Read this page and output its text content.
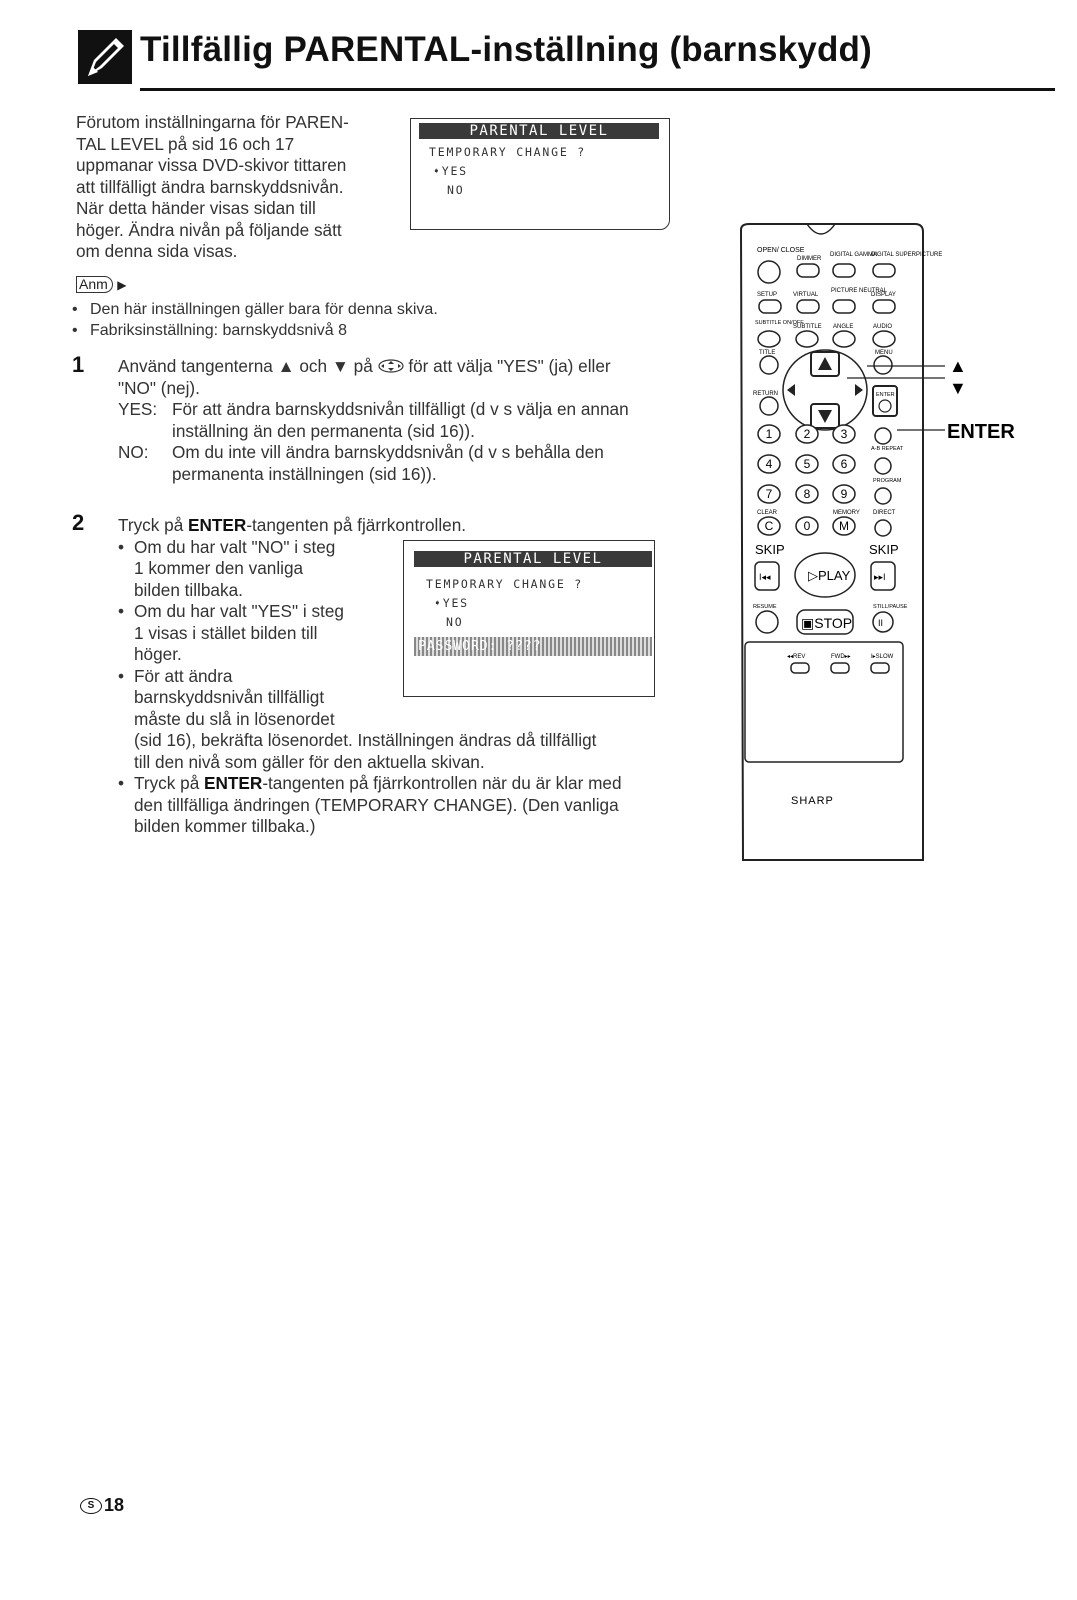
Tillfällig PARENTAL-inställning (barnskydd)

Förutom inställningarna för PAREN-

TAL LEVEL på sid 16 och 17

uppmanar vissa DVD-skivor tittaren

att tillfälligt ändra barnskyddsnivån.

När detta händer visas sidan till

höger. Ändra nivån på följande sätt

om denna sida visas.

PARENTAL LEVEL
TEMPORARY CHANGE ?
➧YES
NO
Anm ▶
• Den här inställningen gäller bara för denna skiva.
• Fabriksinställning: barnskyddsnivå 8
1 Använd tangenterna ▲ och ▼ på för att välja "YES" (ja) eller
"NO" (nej).
YES: För att ändra barnskyddsnivån tillfälligt (d v s välja en annan inställning än den permanenta (sid 16)).
NO:	Om du inte vill ändra barnskyddsnivån (d v s behålla den permanenta inställningen (sid 16)).
2 Tryck på ENTER-tangenten på fjärrkontrollen.
• Om du har valt "NO" i steg
1 kommer den vanliga
bilden tillbaka.
• Om du har valt "YES" i steg
1 visas i stället bilden till
höger.
• För att ändra
barnskyddsnivån tillfälligt
måste du slå in lösenordet
(sid 16), bekräfta lösenordet. Inställningen ändras då tillfälligt
till den nivå som gäller för den aktuella skivan.
• Tryck på ENTER-tangenten på fjärrkontrollen när du är klar med den tillfälliga ändringen (TEMPORARY CHANGE). (Den vanliga bilden kommer tillbaka.)
PARENTAL LEVEL
TEMPORARY CHANGE ?
➧YES
NO
PASSWORD: ????
OPEN/ CLOSE
DIMMER
DIGITAL GAMMA
DIGITAL SUPERPICTURE
SETUP	VIRTUAL
PICTURE NEUTRAL
DISPLAY
SUBTITLE ON/OFF
SUBTITLE ANGLE	AUDIO
TITLE	MENU
RETURN	ENTER
▲
▼
ENTER
1	2	3
4	5	6
7	8	9
C	0 M
A-B REPEAT
PROGRAM
CLEAR	MEMORY DIRECT
SKIP	SKIP
I◂◂	▸▸I
▷PLAY
RESUME	STILL/PAUSE
▣STOP	II
◂◂REV	FWD▸▸	I▸SLOW
SHARP
S 18
